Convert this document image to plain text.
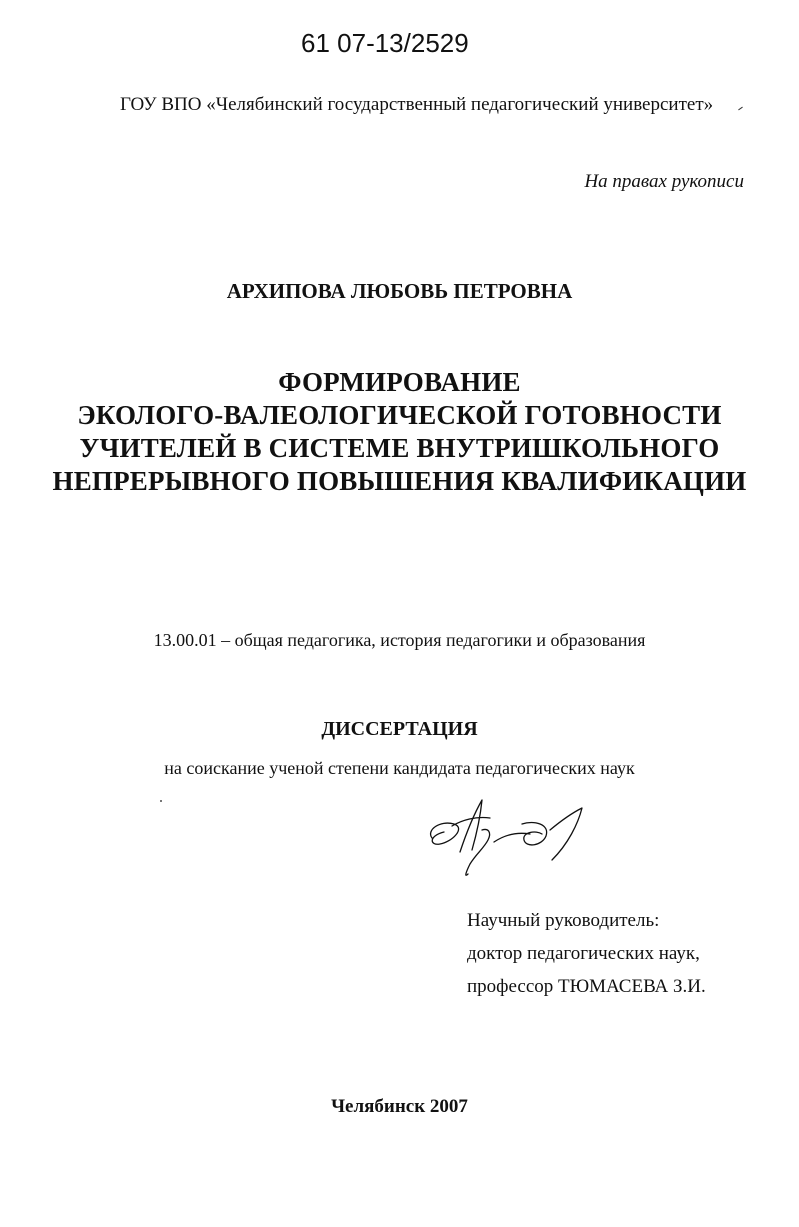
61 07-13/2529
ГОУ ВПО «Челябинский государственный педагогический университет»
На правах рукописи
АРХИПОВА ЛЮБОВЬ ПЕТРОВНА
ФОРМИРОВАНИЕ
ЭКОЛОГО-ВАЛЕОЛОГИЧЕСКОЙ ГОТОВНОСТИ
УЧИТЕЛЕЙ В СИСТЕМЕ ВНУТРИШКОЛЬНОГО
НЕПРЕРЫВНОГО ПОВЫШЕНИЯ КВАЛИФИКАЦИИ
13.00.01 – общая педагогика, история педагогики и образования
ДИССЕРТАЦИЯ
на соискание ученой степени кандидата педагогических наук
Научный руководитель:
доктор педагогических наук,
профессор ТЮМАСЕВА З.И.
Челябинск 2007
